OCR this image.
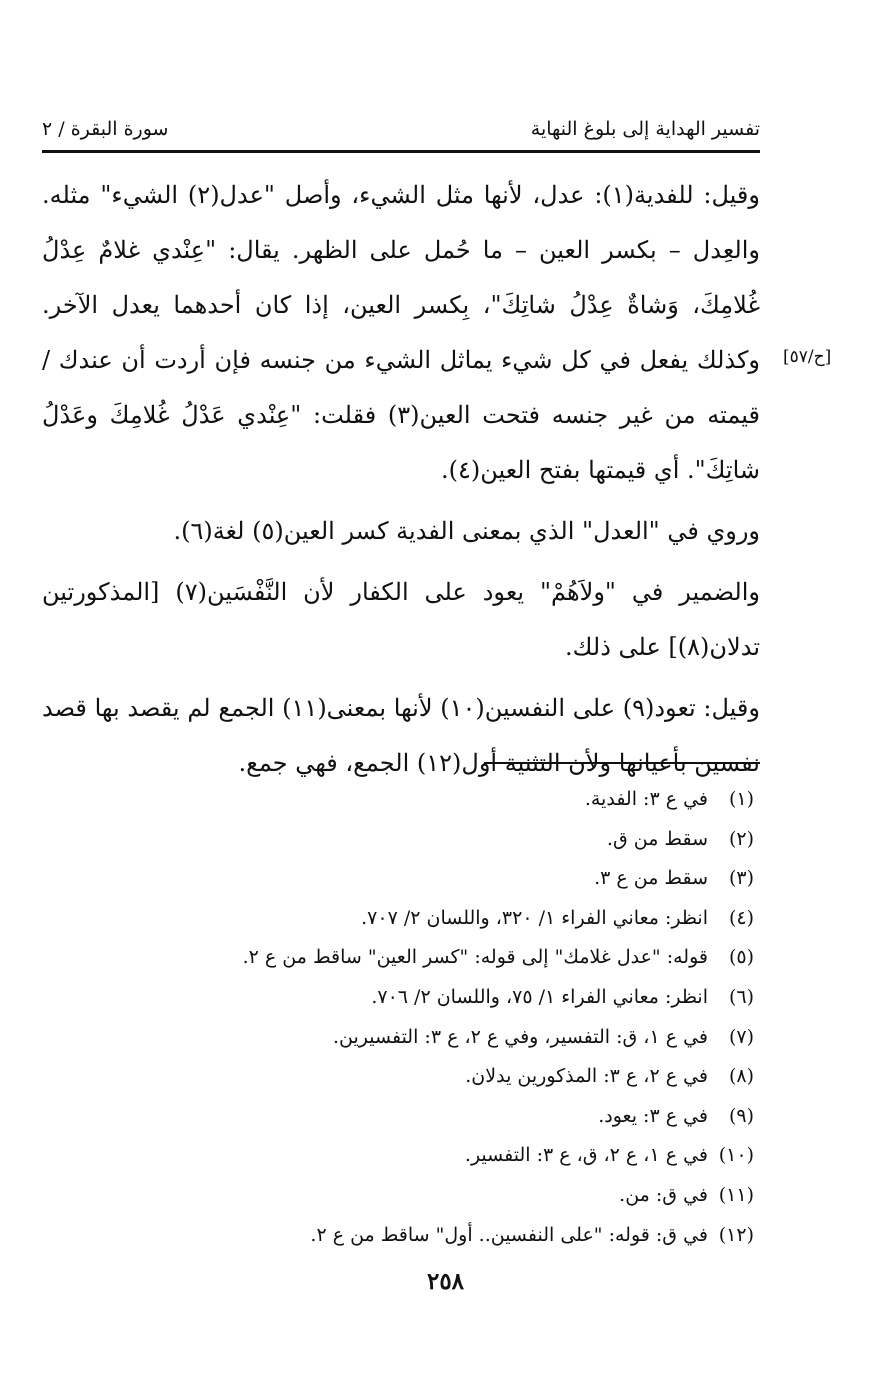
تفسير الهداية إلى بلوغ النهاية
سورة البقرة / ٢
[ح/٥٧]

وقيل: للفدية(١): عدل، لأنها مثل الشيء، وأصل "عدل(٢) الشيء" مثله. والعِدل – بكسر العين – ما حُمل على الظهر. يقال: "عِنْدي غلامٌ عِدْلُ غُلامِكَ، وَشاةٌ عِدْلُ شاتِكَ"، بِكسر العين، إذا كان أحدهما يعدل الآخر. وكذلك يفعل في كل شيء يماثل الشيء من جنسه فإن أردت أن عندك / قيمته من غير جنسه فتحت العين(٣) فقلت: "عِنْدي عَدْلُ غُلامِكَ وعَدْلُ شاتِكَ". أي قيمتها بفتح العين(٤).

وروي في "العدل" الذي بمعنى الفدية كسر العين(٥) لغة(٦).

والضمير في "ولاَهُمْ" يعود على الكفار لأن النَّفْسَين(٧) [المذكورتين تدلان(٨)] على ذلك.

وقيل: تعود(٩) على النفسين(١٠) لأنها بمعنى(١١) الجمع لم يقصد بها قصد نفسين بأعيانها ولأن التثنية أول(١٢) الجمع، فهي جمع.

(١)في ع ٣: الفدية.
(٢)سقط من ق.
(٣)سقط من ع ٣.
(٤)انظر: معاني الفراء ١/ ٣٢٠، واللسان ٢/ ٧٠٧.
(٥)قوله: "عدل غلامك" إلى قوله: "كسر العين" ساقط من ع ٢.
(٦)انظر: معاني الفراء ١/ ٧٥، واللسان ٢/ ٧٠٦.
(٧)في ع ١، ق: التفسير، وفي ع ٢، ع ٣: التفسيرين.
(٨)في ع ٢، ع ٣: المذكورين يدلان.
(٩)في ع ٣: يعود.
(١٠)في ع ١، ع ٢، ق، ع ٣: التفسير.
(١١)في ق: من.
(١٢)في ق: قوله: "على النفسين.. أول" ساقط من ع ٢.
٢٥٨
